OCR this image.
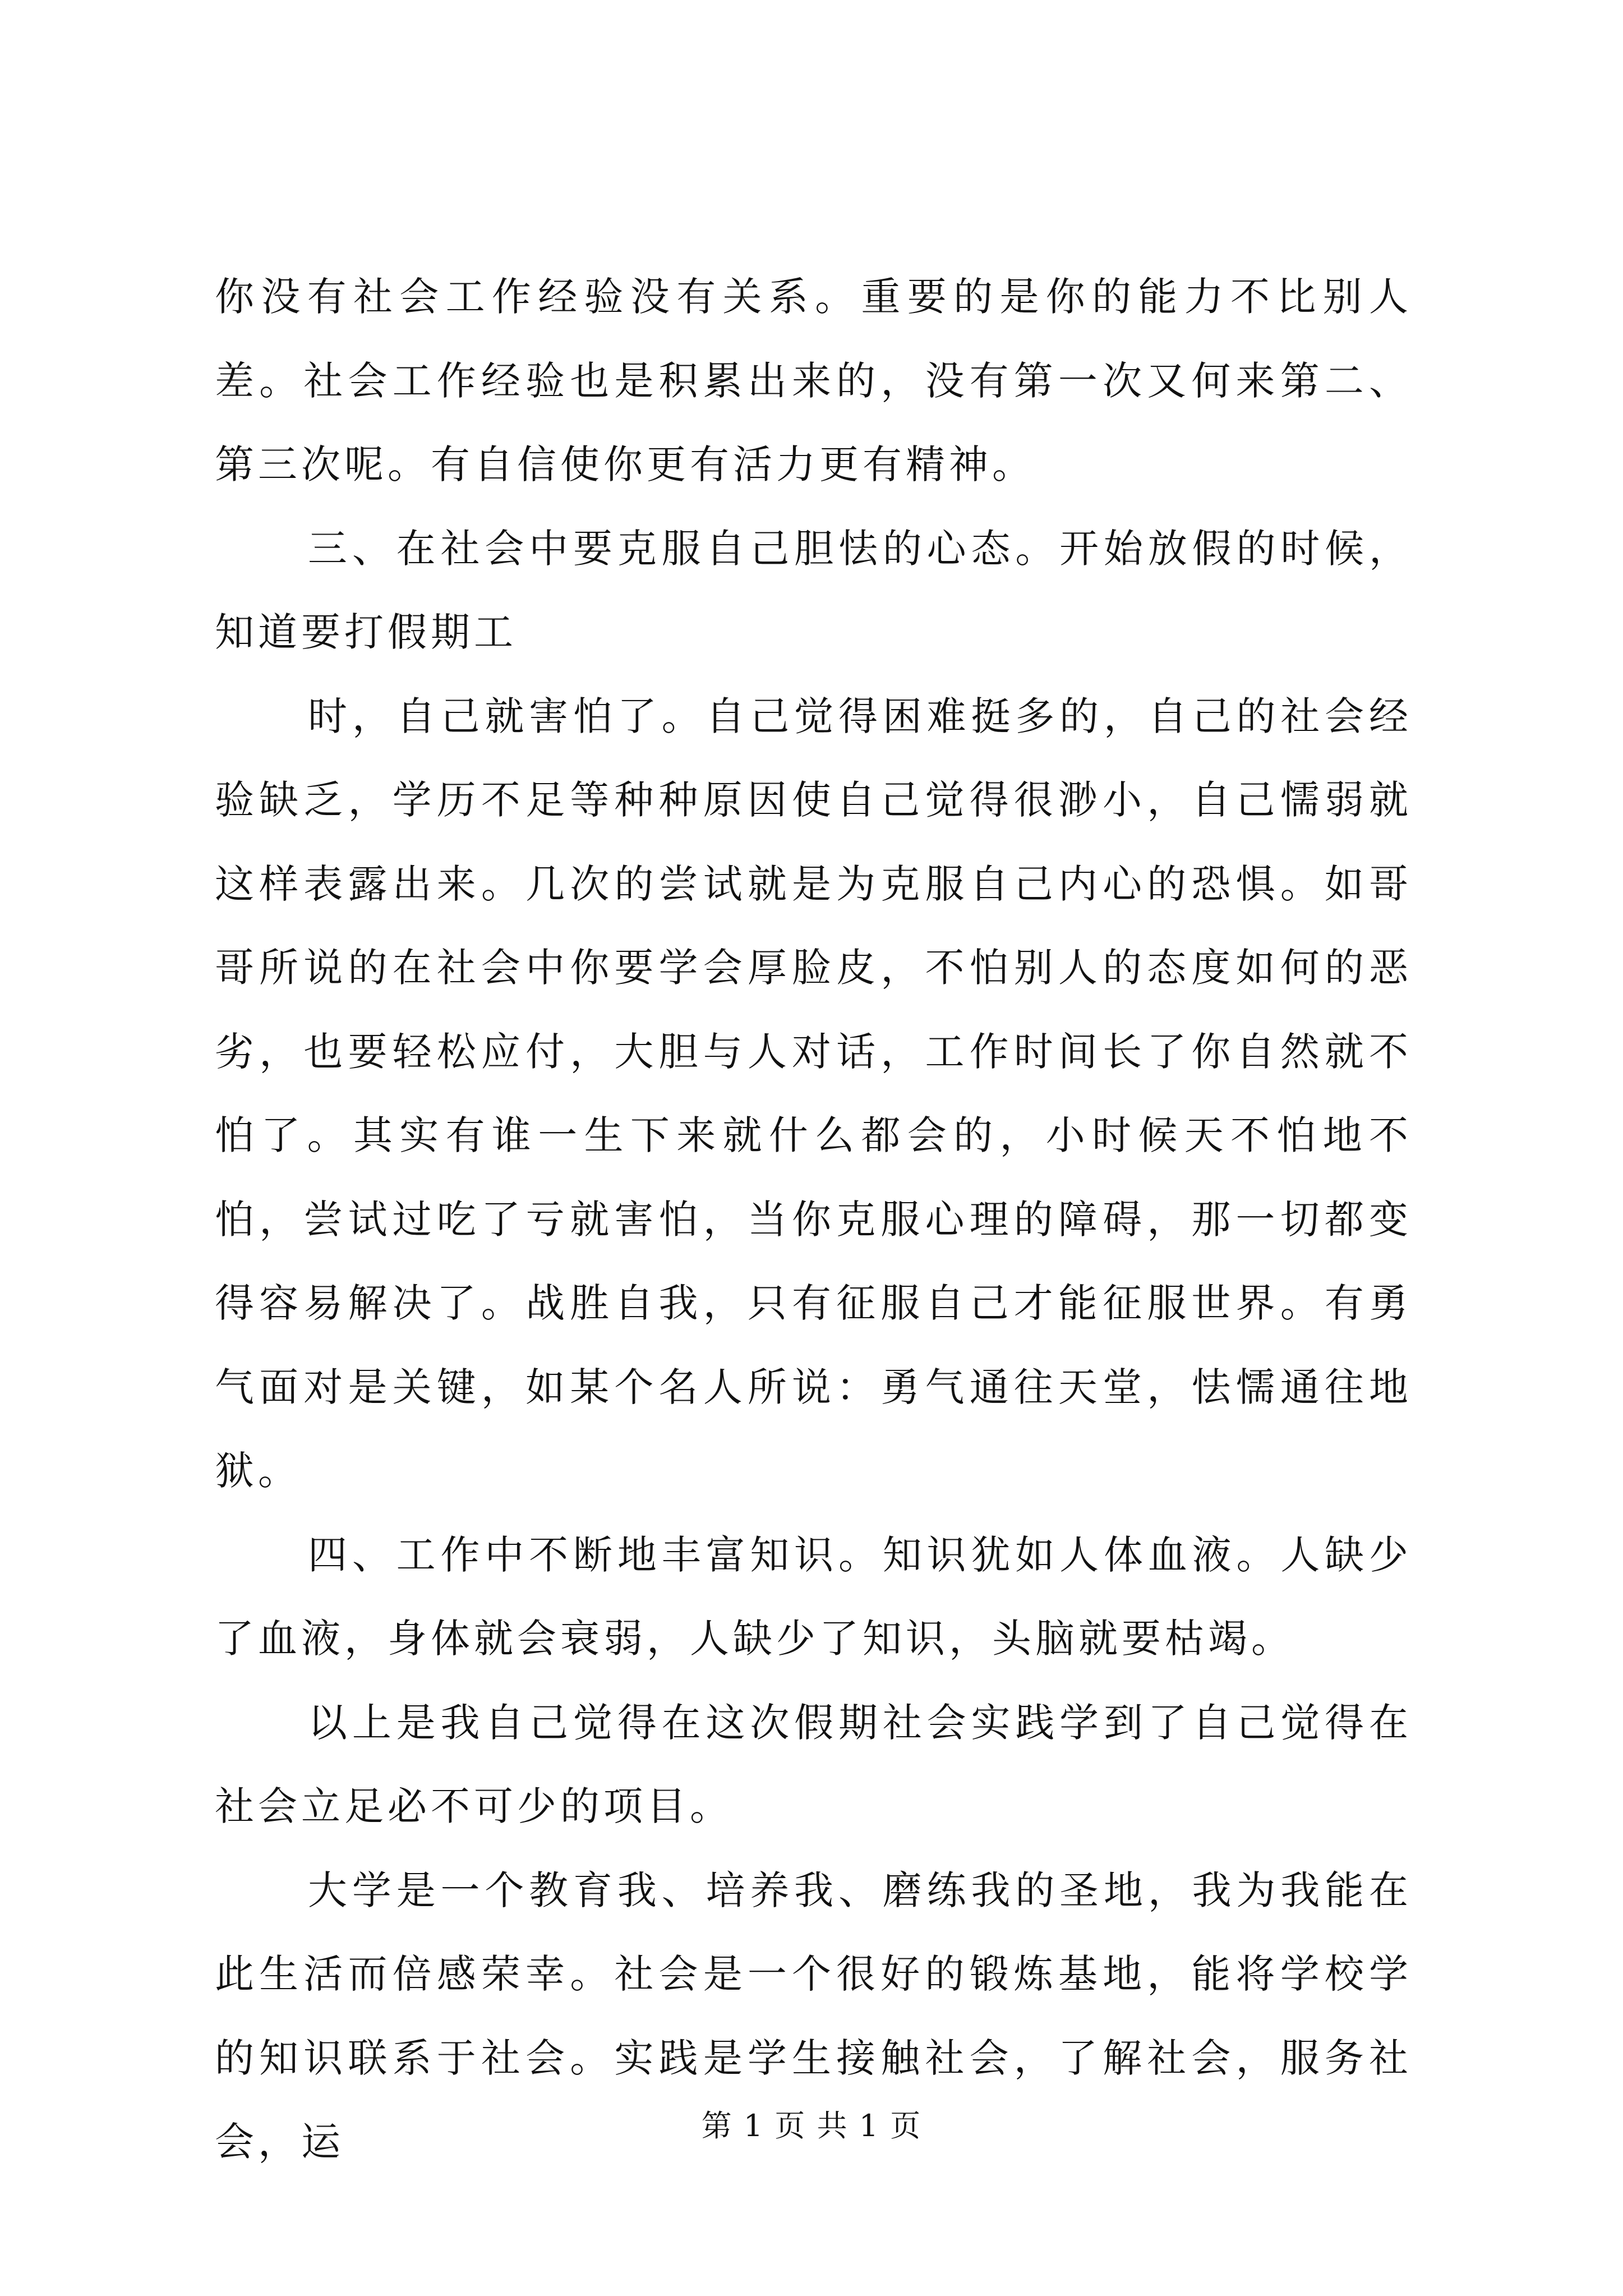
你没有社会工作经验没有关系。重要的是你的能力不比别人差。社会工作经验也是积累出来的，没有第一次又何来第二、第三次呢。有自信使你更有活力更有精神。

三、在社会中要克服自己胆怯的心态。开始放假的时候，知道要打假期工

时，自己就害怕了。自己觉得困难挺多的，自己的社会经验缺乏，学历不足等种种原因使自己觉得很渺小，自己懦弱就这样表露出来。几次的尝试就是为克服自己内心的恐惧。如哥哥所说的在社会中你要学会厚脸皮，不怕别人的态度如何的恶劣，也要轻松应付，大胆与人对话，工作时间长了你自然就不怕了。其实有谁一生下来就什么都会的，小时候天不怕地不怕，尝试过吃了亏就害怕，当你克服心理的障碍，那一切都变得容易解决了。战胜自我，只有征服自己才能征服世界。有勇气面对是关键，如某个名人所说：勇气通往天堂，怯懦通往地狱。

四、工作中不断地丰富知识。知识犹如人体血液。人缺少了血液，身体就会衰弱，人缺少了知识，头脑就要枯竭。

以上是我自己觉得在这次假期社会实践学到了自己觉得在社会立足必不可少的项目。

大学是一个教育我、培养我、磨练我的圣地，我为我能在此生活而倍感荣幸。社会是一个很好的锻炼基地，能将学校学的知识联系于社会。实践是学生接触社会，了解社会，服务社会，运	第 1 页 共 1 页
